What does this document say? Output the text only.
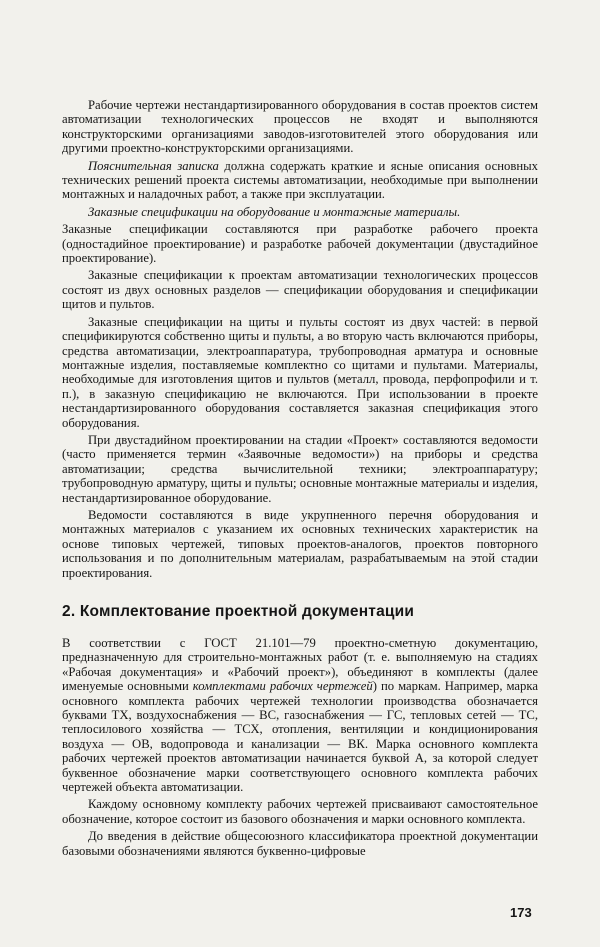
Рабочие чертежи нестандартизированного оборудования в состав проектов систем автоматизации технологических процессов не входят и выполняются конструкторскими организациями заводов-изготовителей этого оборудования или другими проектно-конструкторскими организациями.

Пояснительная записка должна содержать краткие и ясные описания основных технических решений проекта системы автоматизации, необходимые при выполнении монтажных и наладочных работ, а также при эксплуатации.

Заказные спецификации на оборудование и монтажные материалы.

Заказные спецификации составляются при разработке рабочего проекта (одностадийное проектирование) и разработке рабочей документации (двустадийное проектирование).

Заказные спецификации к проектам автоматизации технологических процессов состоят из двух основных разделов — спецификации оборудования и спецификации щитов и пультов.

Заказные спецификации на щиты и пульты состоят из двух частей: в первой спецификируются собственно щиты и пульты, а во вторую часть включаются приборы, средства автоматизации, электроаппаратура, трубопроводная арматура и основные монтажные изделия, поставляемые комплектно со щитами и пультами. Материалы, необходимые для изготовления щитов и пультов (металл, провода, перфопрофили и т. п.), в заказную спецификацию не включаются. При использовании в проекте нестандартизированного оборудования составляется заказная спецификация этого оборудования.

При двустадийном проектировании на стадии «Проект» составляются ведомости (часто применяется термин «Заявочные ведомости») на приборы и средства автоматизации; средства вычислительной техники; электроаппаратуру; трубопроводную арматуру, щиты и пульты; основные монтажные материалы и изделия, нестандартизированное оборудование.

Ведомости составляются в виде укрупненного перечня оборудования и монтажных материалов с указанием их основных технических характеристик на основе типовых чертежей, типовых проектов-аналогов, проектов повторного использования и по дополнительным материалам, разрабатываемым на этой стадии проектирования.

2. Комплектование проектной документации

В соответствии с ГОСТ 21.101—79 проектно-сметную документацию, предназначенную для строительно-монтажных работ (т. е. выполняемую на стадиях «Рабочая документация» и «Рабочий проект»), объединяют в комплекты (далее именуемые основными комплектами рабочих чертежей) по маркам. Например, марка основного комплекта рабочих чертежей технологии производства обозначается буквами ТХ, воздухоснабжения — ВС, газоснабжения — ГС, тепловых сетей — ТС, теплосилового хозяйства — ТСХ, отопления, вентиляции и кондиционирования воздуха — ОВ, водопровода и канализации — ВК. Марка основного комплекта рабочих чертежей проектов автоматизации начинается буквой А, за которой следует буквенное обозначение марки соответствующего основного комплекта рабочих чертежей объекта автоматизации.

Каждому основному комплекту рабочих чертежей присваивают самостоятельное обозначение, которое состоит из базового обозначения и марки основного комплекта.

До введения в действие общесоюзного классификатора проектной документации базовыми обозначениями являются буквенно-цифровые

173
